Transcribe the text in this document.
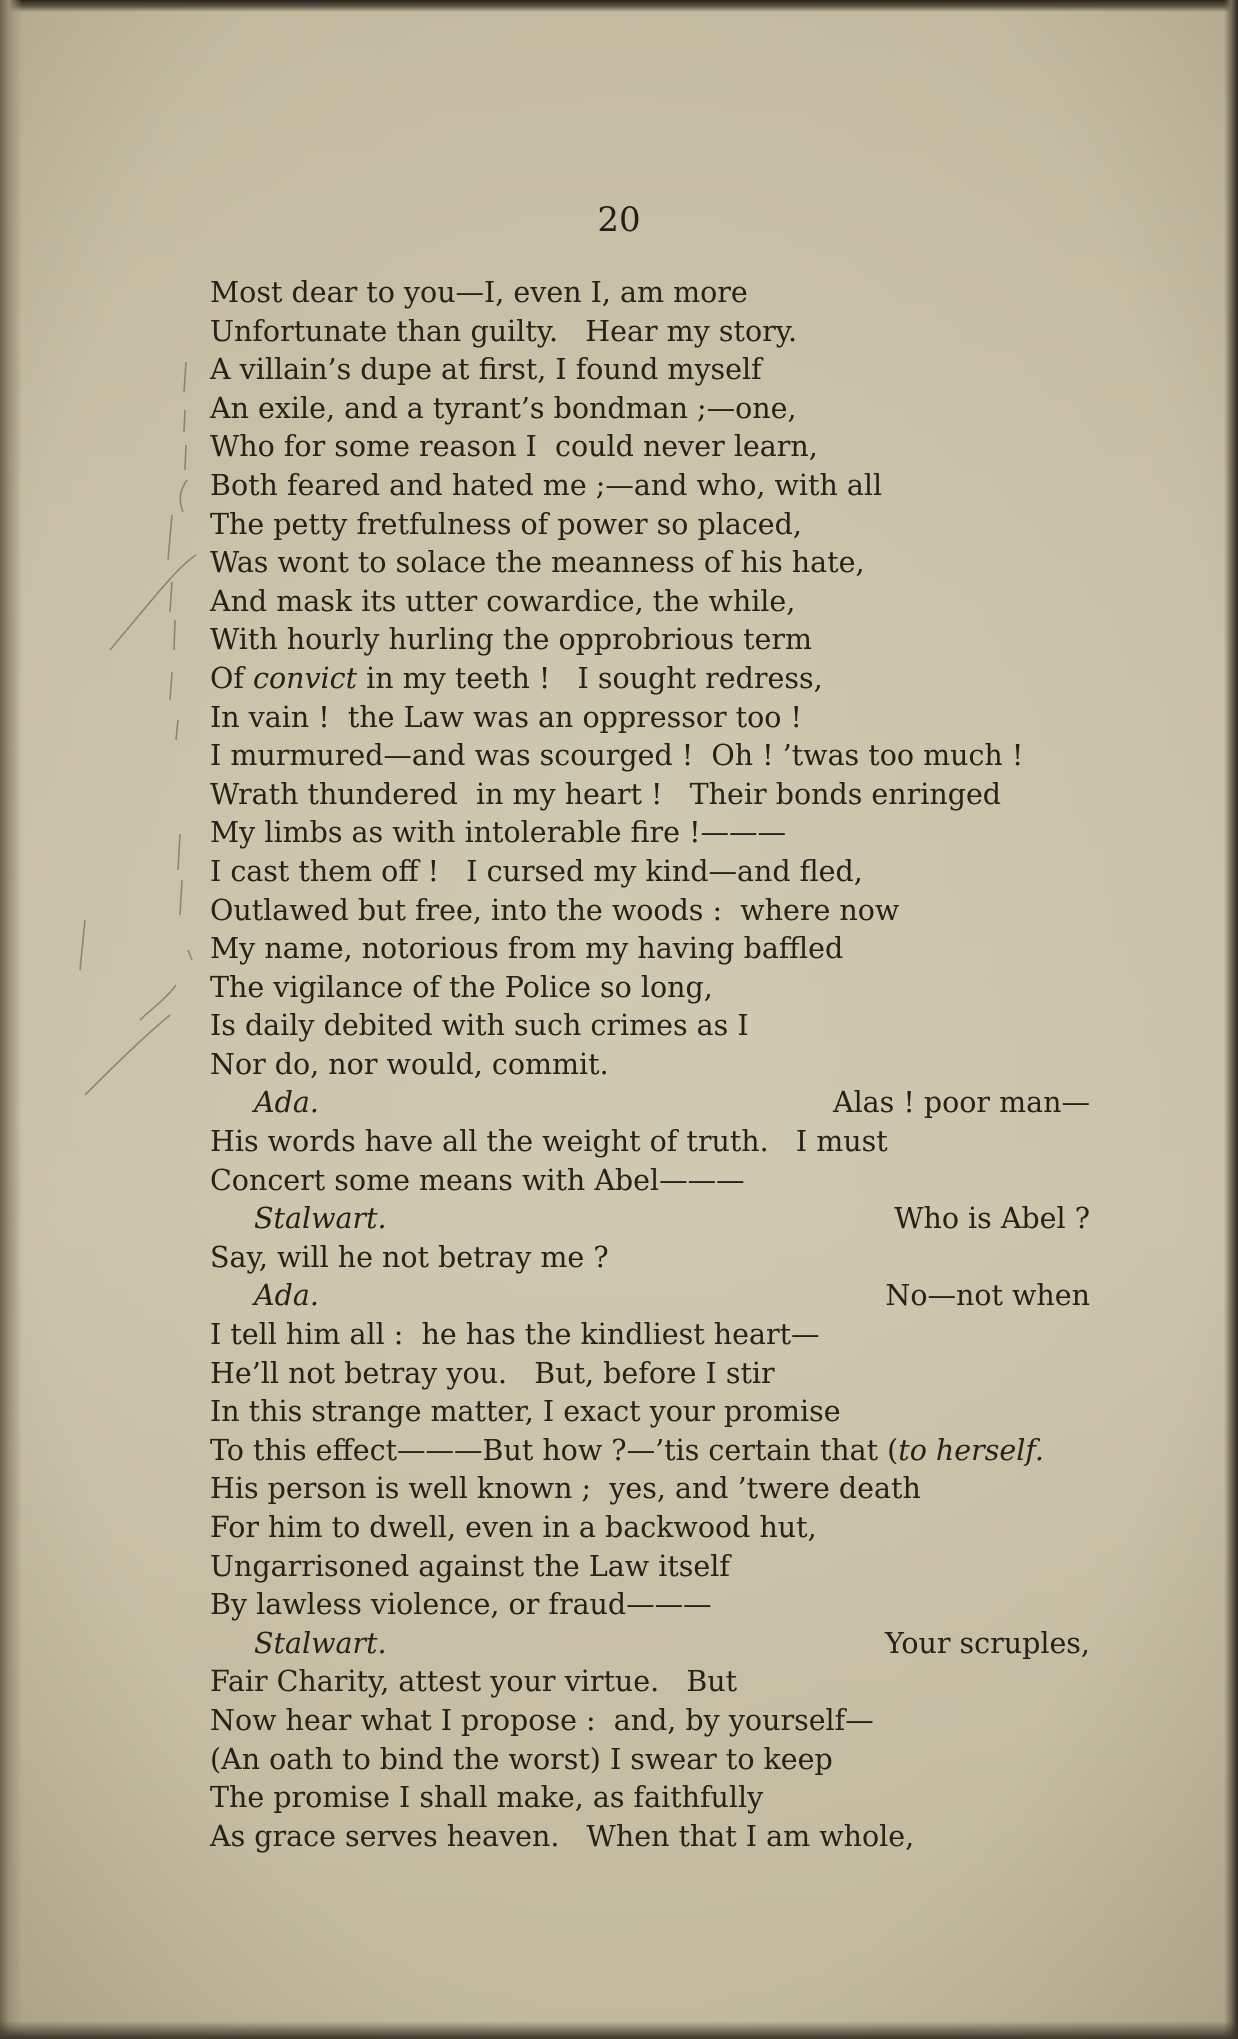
20
Most dear to you—I, even I, am more
Unfortunate than guilty.   Hear my story.
A villain’s dupe at first, I found myself
An exile, and a tyrant’s bondman ;—one,
Who for some reason I  could never learn,
Both feared and hated me ;—and who, with all
The petty fretfulness of power so placed,
Was wont to solace the meanness of his hate,
And mask its utter cowardice, the while,
With hourly hurling the opprobrious term
Of convict in my teeth !   I sought redress,
In vain !  the Law was an oppressor too !
I murmured—and was scourged !  Oh ! ’twas too much !
Wrath thundered  in my heart !   Their bonds enringed
My limbs as with intolerable fire !———
I cast them off !   I cursed my kind—and fled,
Outlawed but free, into the woods :  where now
My name, notorious from my having baffled
The vigilance of the Police so long,
Is daily debited with such crimes as I
Nor do, nor would, commit.
Ada.	Alas ! poor man—
His words have all the weight of truth.   I must
Concert some means with Abel———
Stalwart.	Who is Abel ?
Say, will he not betray me ?
Ada.	No—not when
I tell him all :  he has the kindliest heart—
He’ll not betray you.   But, before I stir
In this strange matter, I exact your promise
To this effect———But how ?—’tis certain that (to herself.
His person is well known ;  yes, and ’twere death
For him to dwell, even in a backwood hut,
Ungarrisoned against the Law itself
By lawless violence, or fraud———
Stalwart.	Your scruples,
Fair Charity, attest your virtue.   But
Now hear what I propose :  and, by yourself—
(An oath to bind the worst) I swear to keep
The promise I shall make, as faithfully
As grace serves heaven.   When that I am whole,
